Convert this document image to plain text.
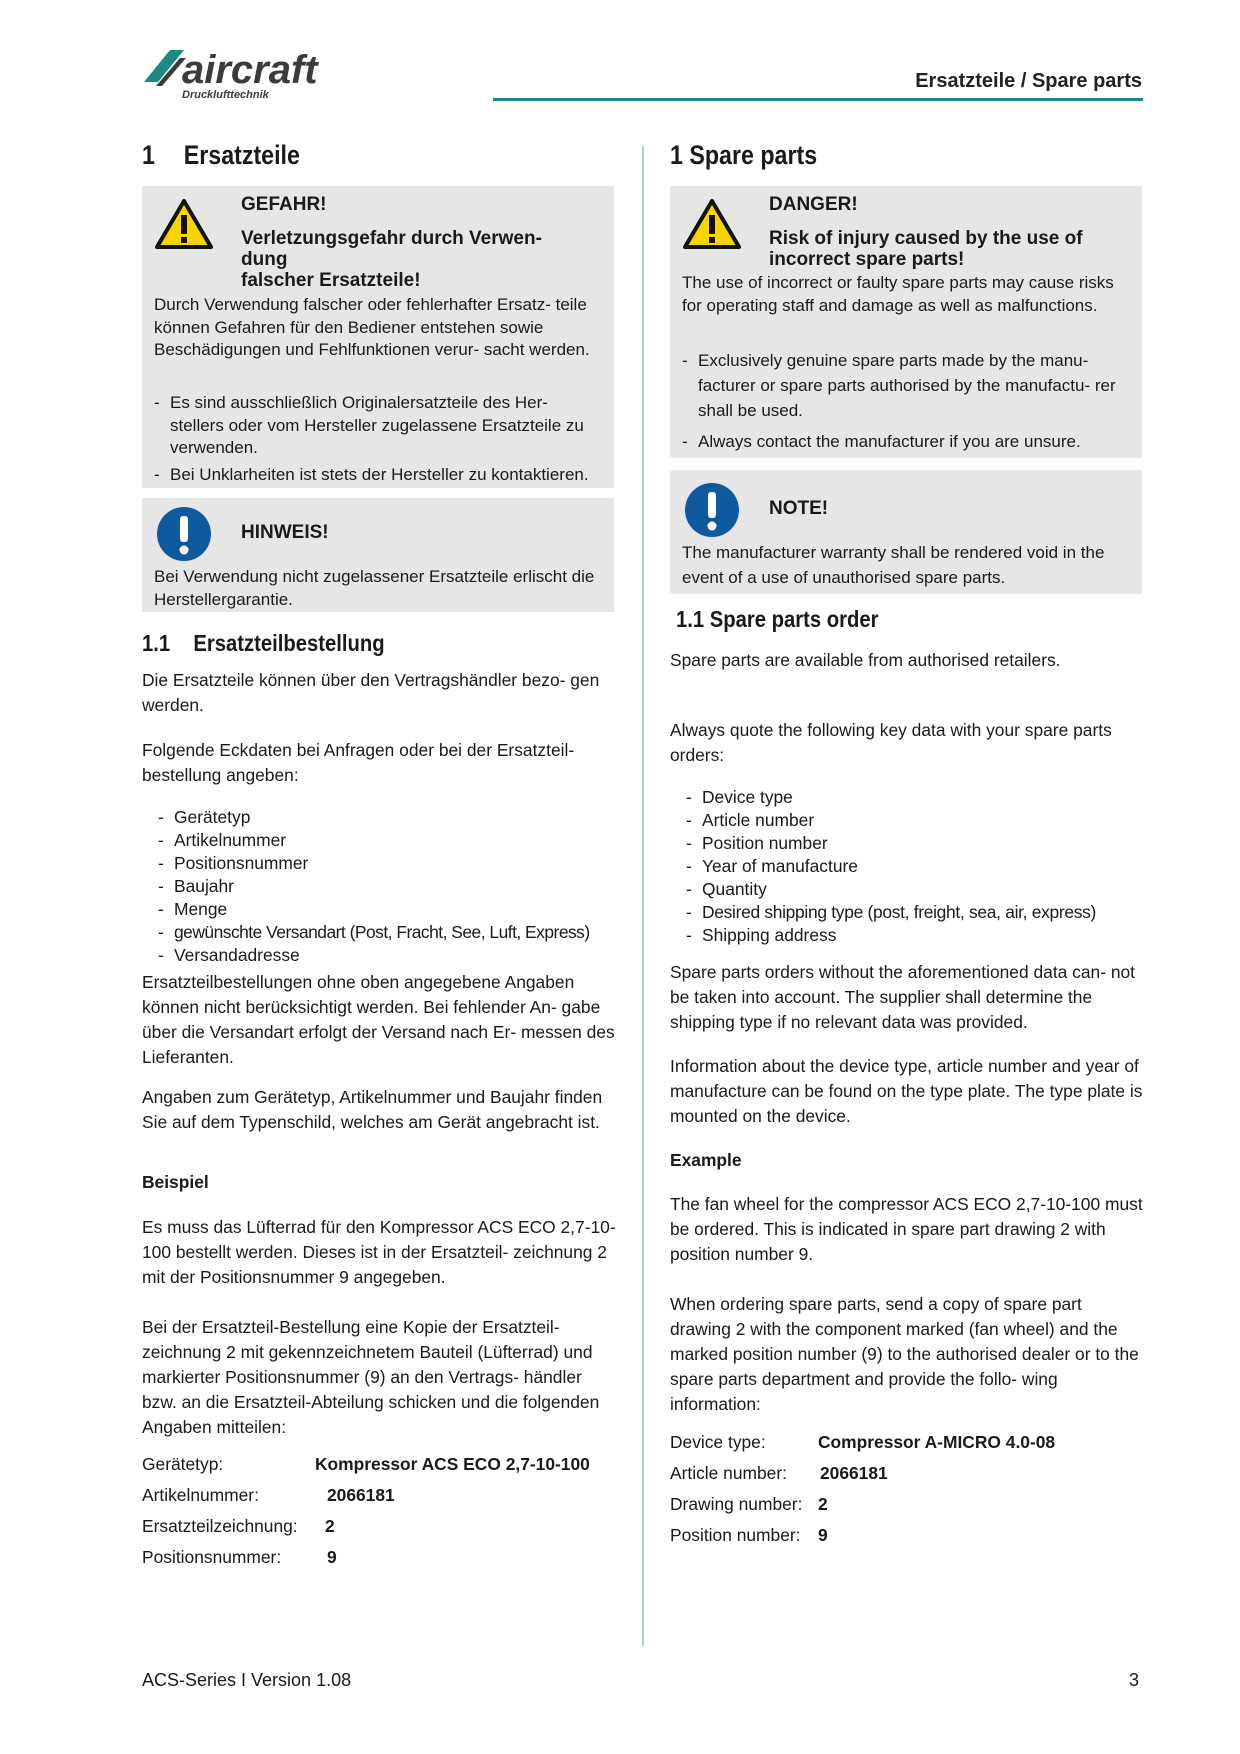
aircraft
Drucklufttechnik
Ersatzteile / Spare parts
1 Ersatzteile
GEFAHR!
Verletzungsgefahr durch Verwen-
dung
falscher Ersatzteile!
Durch Verwendung falscher oder fehlerhafter Ersatz- teile können Gefahren für den Bediener entstehen sowie Beschädigungen und Fehlfunktionen verur- sacht werden.
- Es sind ausschließlich Originalersatzteile des Her- stellers oder vom Hersteller zugelassene Ersatzteile zu verwenden.
- Bei Unklarheiten ist stets der Hersteller zu kontaktieren.
HINWEIS!
Bei Verwendung nicht zugelassener Ersatzteile erlischt die Herstellergarantie.
1.1 Ersatzteilbestellung
Die Ersatzteile können über den Vertragshändler bezo- gen werden.
Folgende Eckdaten bei Anfragen oder bei der Ersatzteil- bestellung angeben:
- Gerätetyp
- Artikelnummer
- Positionsnummer
- Baujahr
- Menge
- gewünschte Versandart (Post, Fracht, See, Luft, Express)
- Versandadresse
Ersatzteilbestellungen ohne oben angegebene Angaben können nicht berücksichtigt werden. Bei fehlender An- gabe über die Versandart erfolgt der Versand nach Er- messen des Lieferanten.
Angaben zum Gerätetyp, Artikelnummer und Baujahr finden Sie auf dem Typenschild, welches am Gerät angebracht ist.
Beispiel
Es muss das Lüfterrad für den Kompressor ACS ECO 2,7-10-100 bestellt werden. Dieses ist in der Ersatzteil- zeichnung 2 mit der Positionsnummer 9 angegeben.
Bei der Ersatzteil-Bestellung eine Kopie der Ersatzteil- zeichnung 2 mit gekennzeichnetem Bauteil (Lüfterrad) und markierter Positionsnummer (9) an den Vertrags- händler bzw. an die Ersatzteil-Abteilung schicken und die folgenden Angaben mitteilen:
Gerätetyp:	Kompressor ACS ECO 2,7-10-100
Artikelnummer:	2066181
Ersatzteilzeichnung: 2
Positionsnummer:	9
1 Spare parts
DANGER!
Risk of injury caused by the use of
incorrect spare parts!
The use of incorrect or faulty spare parts may cause risks for operating staff and damage as well as malfunctions.
- Exclusively genuine spare parts made by the manu- facturer or spare parts authorised by the manufactu- rer shall be used.
- Always contact the manufacturer if you are unsure.
NOTE!
The manufacturer warranty shall be rendered void in the event of a use of unauthorised spare parts.
1.1 Spare parts order
Spare parts are available from authorised retailers.
Always quote the following key data with your spare parts orders:
- Device type
- Article number
- Position number
- Year of manufacture
- Quantity
- Desired shipping type (post, freight, sea, air, express)
- Shipping address
Spare parts orders without the aforementioned data can- not be taken into account. The supplier shall determine the shipping type if no relevant data was provided.
Information about the device type, article number and year of manufacture can be found on the type plate. The type plate is mounted on the device.
Example
The fan wheel for the compressor ACS ECO 2,7-10-100 must be ordered. This is indicated in spare part drawing 2 with position number 9.
When ordering spare parts, send a copy of spare part drawing 2 with the component marked (fan wheel) and the marked position number (9) to the authorised dealer or to the spare parts department and provide the follo- wing information:
Device type:	Compressor A-MICRO 4.0-08
Article number: 2066181
Drawing number: 2
Position number: 9
ACS-Series I Version 1.08	3
